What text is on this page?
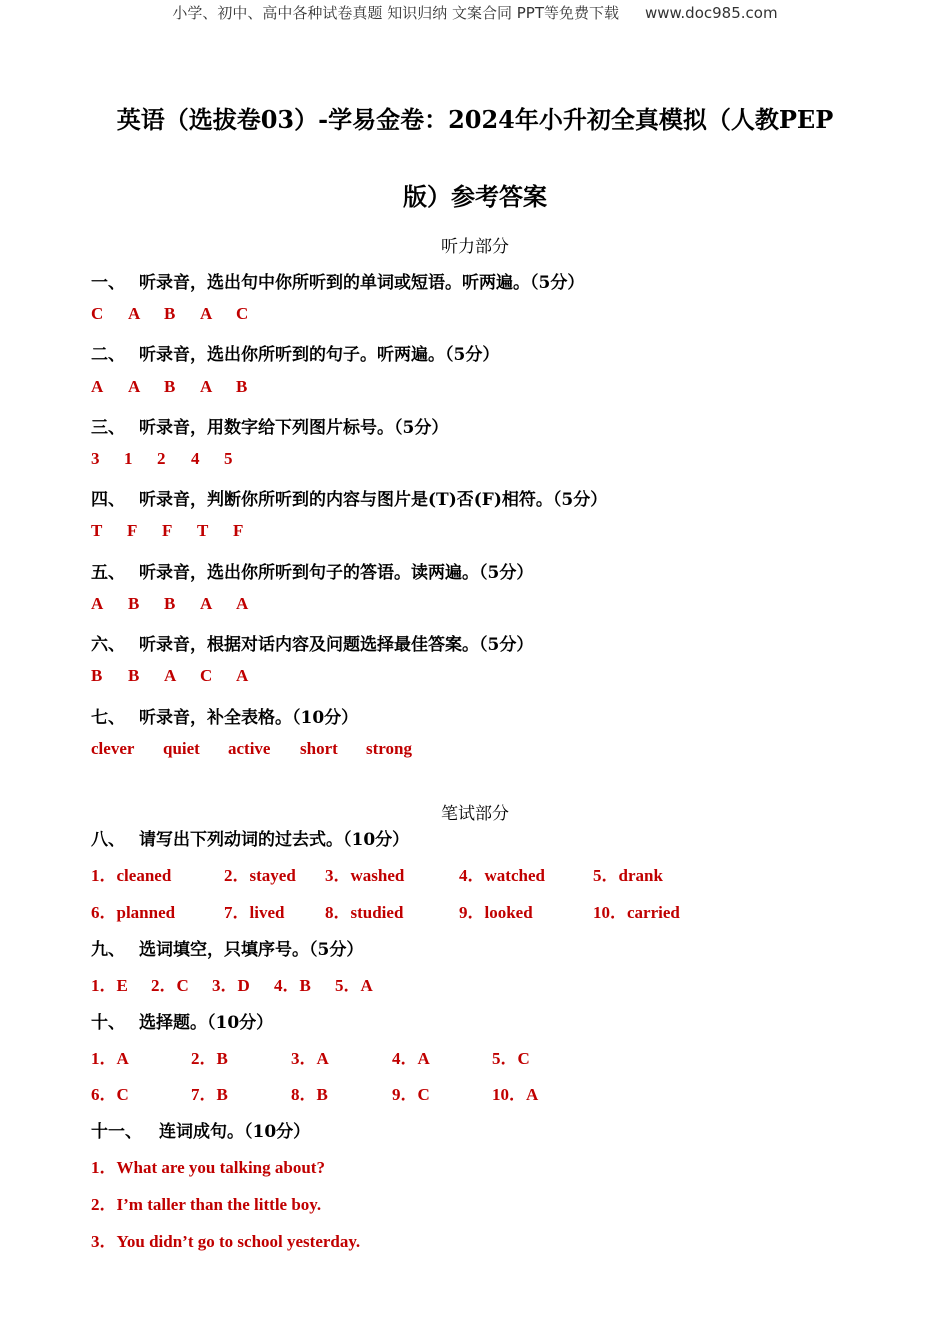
小学、初中、高中各种试卷真题 知识归纳 文案合同 PPT等免费下载 www.doc985.com
英语（选拔卷03）-学易金卷：2024年小升初全真模拟（人教PEP
版）参考答案
听力部分
一、 听录音，选出句中你所听到的单词或短语。听两遍。（5分）
C A B A C
二、 听录音，选出你所听到的句子。听两遍。（5分）
A A B A B
三、 听录音，用数字给下列图片标号。（5分）
3 1 2 4 5
四、 听录音，判断你所听到的内容与图片是(T)否(F)相符。（5分）
T F F T F
五、 听录音，选出你所听到句子的答语。读两遍。（5分）
A B B A A
六、 听录音，根据对话内容及问题选择最佳答案。（5分）
B B A C A
七、 听录音，补全表格。（10分）
clever quiet active short strong
笔试部分
八、 请写出下列动词的过去式。（10分）
1．cleaned	2．stayed 3．washed	4．watched	5．drank
6．planned	7．lived 8．studied	9．looked	10．carried
九、 选词填空，只填序号。（5分）
1．E 2．C 3．D 4．B 5．A
十、 选择题。（10分）
1．A	2．B	3．A	4．A	5．C
6．C	7．B	8．B	9．C	10．A
十一、 连词成句。（10分）
1．What are you talking about?
2．I’m taller than the little boy.
3．You didn’t go to school yesterday.
